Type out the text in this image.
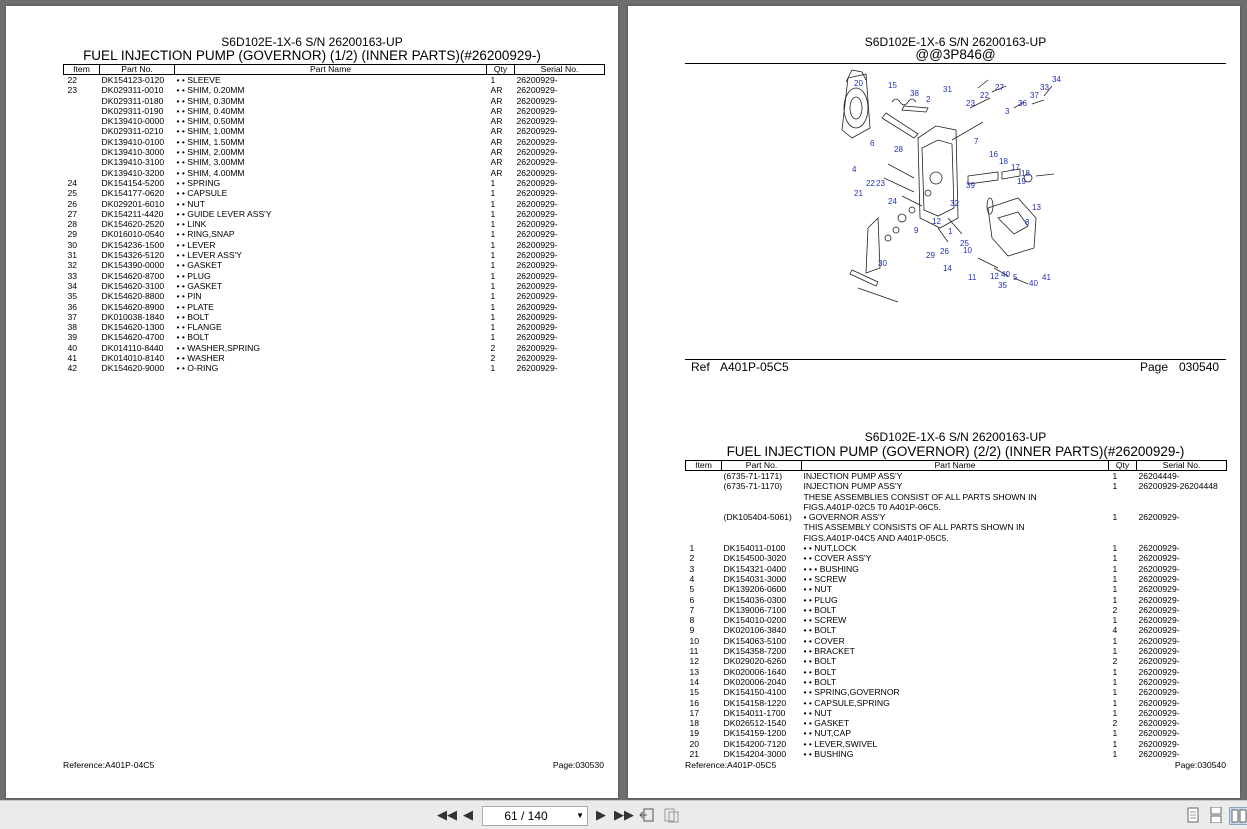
S6D102E-1X-6 S/N 26200163-UP
FUEL INJECTION PUMP (GOVERNOR) (1/2) (INNER PARTS)(#26200929-)
Item	Part No.	Part Name	Qty	Serial No.
22	DK154123-0120	• • SLEEVE	1	26200929-
23	DK029311-0010	• • SHIM, 0.20MM	AR	26200929-
	DK029311-0180	• • SHIM, 0.30MM	AR	26200929-
	DK029311-0190	• • SHIM, 0.40MM	AR	26200929-
	DK139410-0000	• • SHIM, 0.50MM	AR	26200929-
	DK029311-0210	• • SHIM, 1.00MM	AR	26200929-
	DK139410-0100	• • SHIM, 1.50MM	AR	26200929-
	DK139410-3000	• • SHIM, 2.00MM	AR	26200929-
	DK139410-3100	• • SHIM, 3.00MM	AR	26200929-
	DK139410-3200	• • SHIM, 4.00MM	AR	26200929-
24	DK154154-5200	• • SPRING	1	26200929-
25	DK154177-0620	• • CAPSULE	1	26200929-
26	DK029201-6010	• • NUT	1	26200929-
27	DK154211-4420	• • GUIDE LEVER ASS'Y	1	26200929-
28	DK154620-2520	• • LINK	1	26200929-
29	DK016010-0540	• • RING,SNAP	1	26200929-
30	DK154236-1500	• • LEVER	1	26200929-
31	DK154326-5120	• • LEVER ASS'Y	1	26200929-
32	DK154390-0000	• • GASKET	1	26200929-
33	DK154620-8700	• • PLUG	1	26200929-
34	DK154620-3100	• • GASKET	1	26200929-
35	DK154620-8800	• • PIN	1	26200929-
36	DK154620-8900	• • PLATE	1	26200929-
37	DK010038-1840	• • BOLT	1	26200929-
38	DK154620-1300	• • FLANGE	1	26200929-
39	DK154620-4700	• • BOLT	1	26200929-
40	DK014110-8440	• • WASHER,SPRING	2	26200929-
41	DK014010-8140	• • WASHER	2	26200929-
42	DK154620-9000	• • O-RING	1	26200929-
Reference:A401P-04C5	Page:030530
S6D102E-1X-6 S/N 26200163-UP
@@3P846@
20	15
38
2
31
23
22
27
3
36
37
33
34
6	7
28
16
18
17
4
23
18
19
39
21
22
24
13
32
8
12
9	1
25
26
29
30
10
14
11 12 40 5
40
41
35
Ref A401P-05C5	Page 030540
S6D102E-1X-6 S/N 26200163-UP
FUEL INJECTION PUMP (GOVERNOR) (2/2) (INNER PARTS)(#26200929-)
Item	Part No.	Part Name	Qty	Serial No.
	(6735-71-1171)	INJECTION PUMP ASS'Y	1	26204449-
	(6735-71-1170)	INJECTION PUMP ASS'Y	1	26200929-26204448
		THESE ASSEMBLIES CONSIST OF ALL PARTS SHOWN IN		
		FIGS.A401P-02C5 T0 A401P-06C5.		

	(DK105404-5061)	• GOVERNOR ASS'Y	1	26200929-
		THIS ASSEMBLY CONSISTS OF ALL PARTS SHOWN IN		
		FIGS.A401P-04C5 AND A401P-05C5.		

1	DK154011-0100	• • NUT,LOCK	1	26200929-
2	DK154500-3020	• • COVER ASS'Y	1	26200929-
3	DK154321-0400	• • • BUSHING	1	26200929-
4	DK154031-3000	• • SCREW	1	26200929-
5	DK139206-0600	• • NUT	1	26200929-
6	DK154036-0300	• • PLUG	1	26200929-
7	DK139006-7100	• • BOLT	2	26200929-
8	DK154010-0200	• • SCREW	1	26200929-
9	DK020106-3840	• • BOLT	4	26200929-
10	DK154063-5100	• • COVER	1	26200929-
11	DK154358-7200	• • BRACKET	1	26200929-
12	DK029020-6260	• • BOLT	2	26200929-
13	DK020006-1640	• • BOLT	1	26200929-
14	DK020006-2040	• • BOLT	1	26200929-
15	DK154150-4100	• • SPRING,GOVERNOR	1	26200929-
16	DK154158-1220	• • CAPSULE,SPRING	1	26200929-
17	DK154011-1700	• • NUT	1	26200929-
18	DK026512-1540	• • GASKET	2	26200929-
19	DK154159-1200	• • NUT,CAP	1	26200929-
20	DK154200-7120	• • LEVER,SWIVEL	1	26200929-
21	DK154204-3000	• • BUSHING	1	26200929-
Reference:A401P-05C5	Page:030540
◀◀ ◀	61 / 140	▼ ▶ ▶▶
